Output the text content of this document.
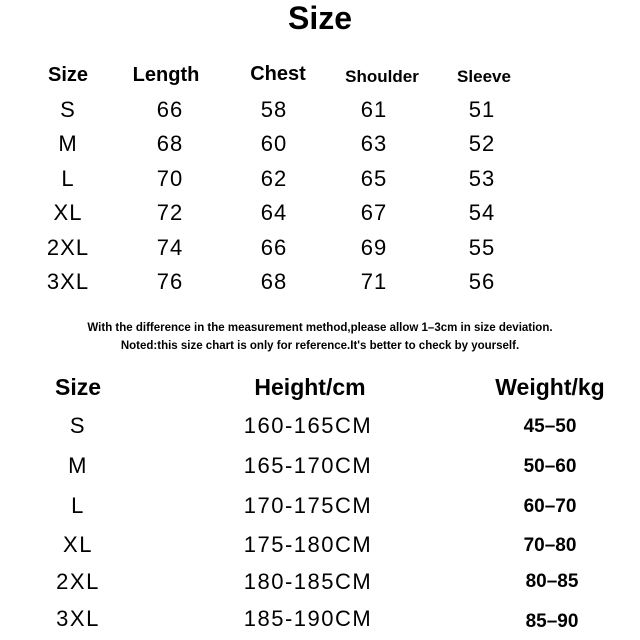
Size
Size	Length	Chest	Shoulder	Sleeve
S	66	58	61	51
M	68	60	63	52
L	70	62	65	53
XL	72	64	67	54
2XL	74	66	69	55
3XL	76	68	71	56
With the difference in the measurement method,please allow 1–3cm in size deviation.
Noted:this size chart is only for reference.It's better to check by yourself.
Size	Height/cm	Weight/kg
S	160-165CM	45–50
M	165-170CM	50–60
L	170-175CM	60–70
XL	175-180CM	70–80
2XL	180-185CM	80–85
3XL	185-190CM	85–90
